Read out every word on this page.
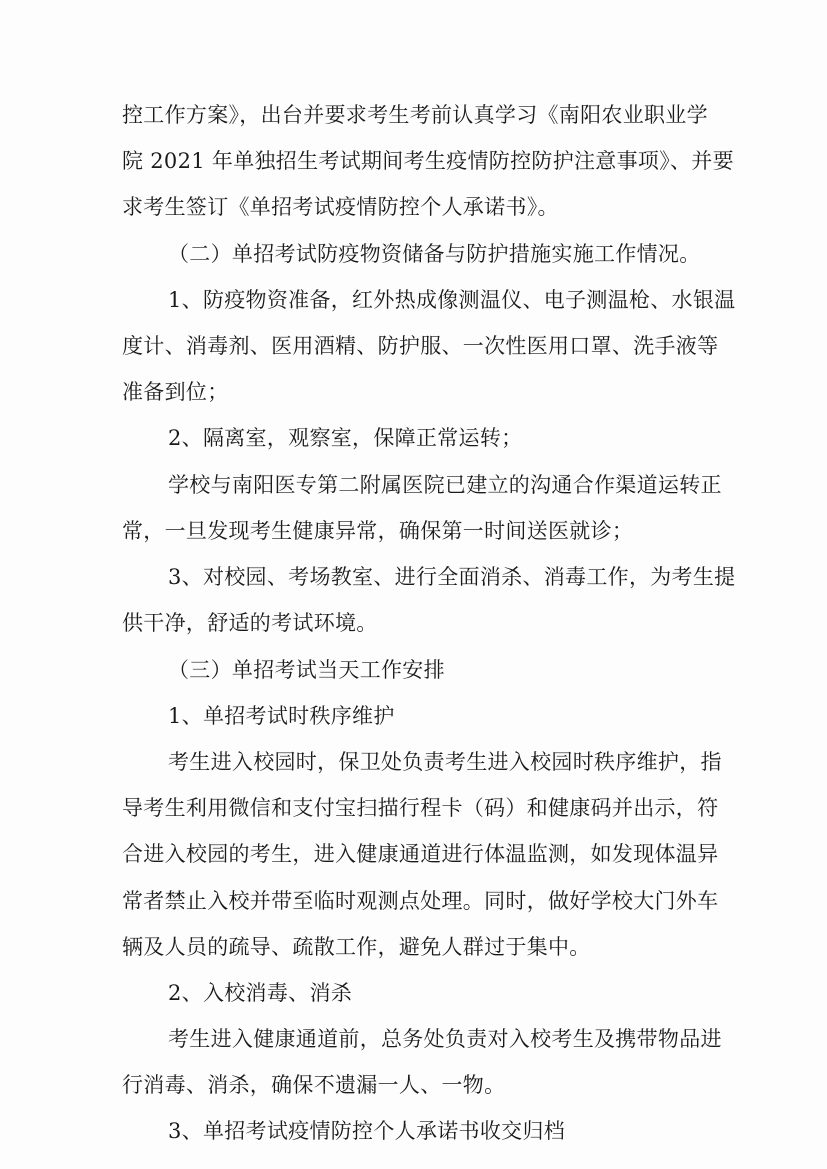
控工作方案》，出台并要求考生考前认真学习《南阳农业职业学
院 2021 年单独招生考试期间考生疫情防控防护注意事项》、并要
求考生签订《单招考试疫情防控个人承诺书》。
（二）单招考试防疫物资储备与防护措施实施工作情况。
1、防疫物资准备，红外热成像测温仪、电子测温枪、水银温
度计、消毒剂、医用酒精、防护服、一次性医用口罩、洗手液等
准备到位；
2、隔离室，观察室，保障正常运转；
学校与南阳医专第二附属医院已建立的沟通合作渠道运转正
常，一旦发现考生健康异常，确保第一时间送医就诊；
3、对校园、考场教室、进行全面消杀、消毒工作，为考生提
供干净，舒适的考试环境。
（三）单招考试当天工作安排
1、单招考试时秩序维护
考生进入校园时，保卫处负责考生进入校园时秩序维护，指
导考生利用微信和支付宝扫描行程卡（码）和健康码并出示，符
合进入校园的考生，进入健康通道进行体温监测，如发现体温异
常者禁止入校并带至临时观测点处理。同时，做好学校大门外车
辆及人员的疏导、疏散工作，避免人群过于集中。
2、入校消毒、消杀
考生进入健康通道前，总务处负责对入校考生及携带物品进
行消毒、消杀，确保不遗漏一人、一物。
3、单招考试疫情防控个人承诺书收交归档
